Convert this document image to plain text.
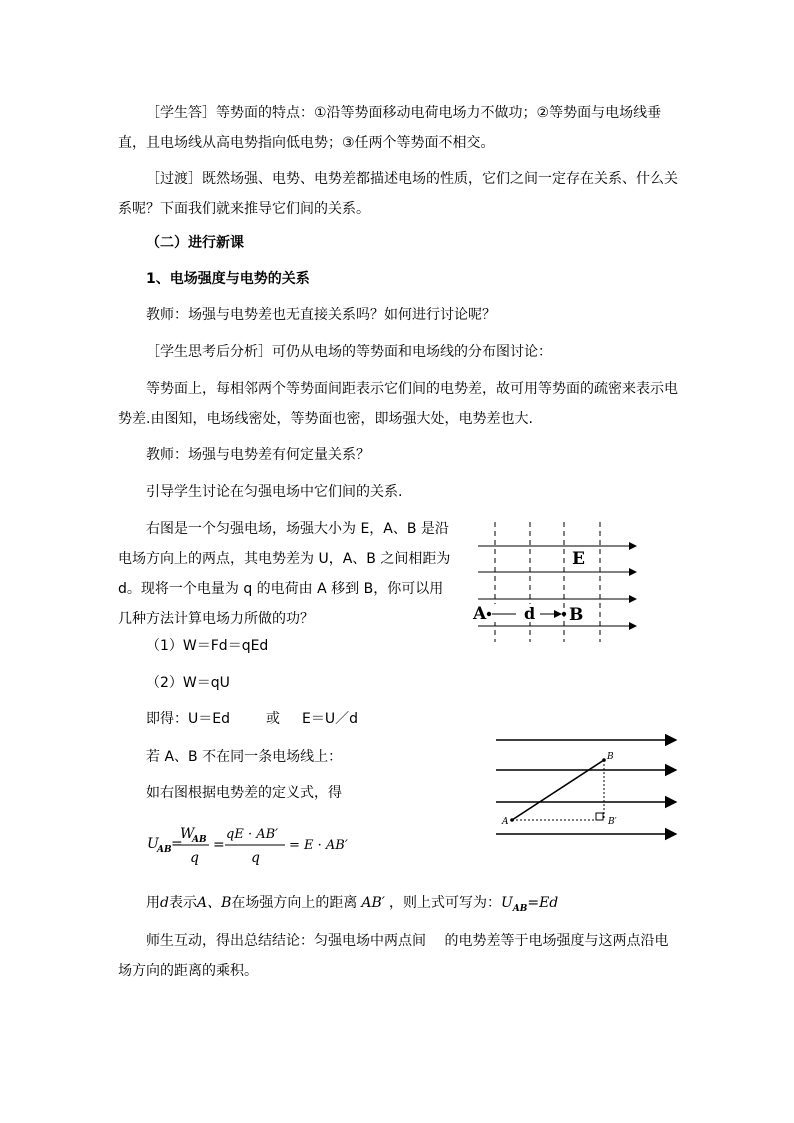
［学生答］等势面的特点：①沿等势面移动电荷电场力不做功；②等势面与电场线垂直，且电场线从高电势指向低电势；③任两个等势面不相交。

［过渡］既然场强、电势、电势差都描述电场的性质，它们之间一定存在关系、什么关系呢？下面我们就来推导它们间的关系。

（二）进行新课

1、电场强度与电势的关系

教师：场强与电势差也无直接关系吗？如何进行讨论呢？

［学生思考后分析］可仍从电场的等势面和电场线的分布图讨论：

等势面上，每相邻两个等势面间距表示它们间的电势差，故可用等势面的疏密来表示电势差.由图知，电场线密处，等势面也密，即场强大处，电势差也大.

教师：场强与电势差有何定量关系？

引导学生讨论在匀强电场中它们间的关系.

右图是一个匀强电场，场强大小为 E，A、B 是沿电场方向上的两点，其电势差为 U，A、B 之间相距为 d。现将一个电量为 q 的电荷由 A 移到 B，你可以用几种方法计算电场力所做的功？

（1）W＝Fd＝qEd

（2）W＝qU

即得：U＝Ed	或 E＝U／d

若 A、B 不在同一条电场线上：

如右图根据电势差的定义式，得

U
AB =
W
AB
q
=
qE · AB′
q
= E · AB′

用d表示A、B在场强方向上的距离 AB′ ，则上式可写为：$U_{AB}=Ed$

师生互动，得出总结结论：匀强电场中两点间　 的电势差等于电场强度与这两点沿电场方向的距离的乘积。

E
A d B
A
B
B′
